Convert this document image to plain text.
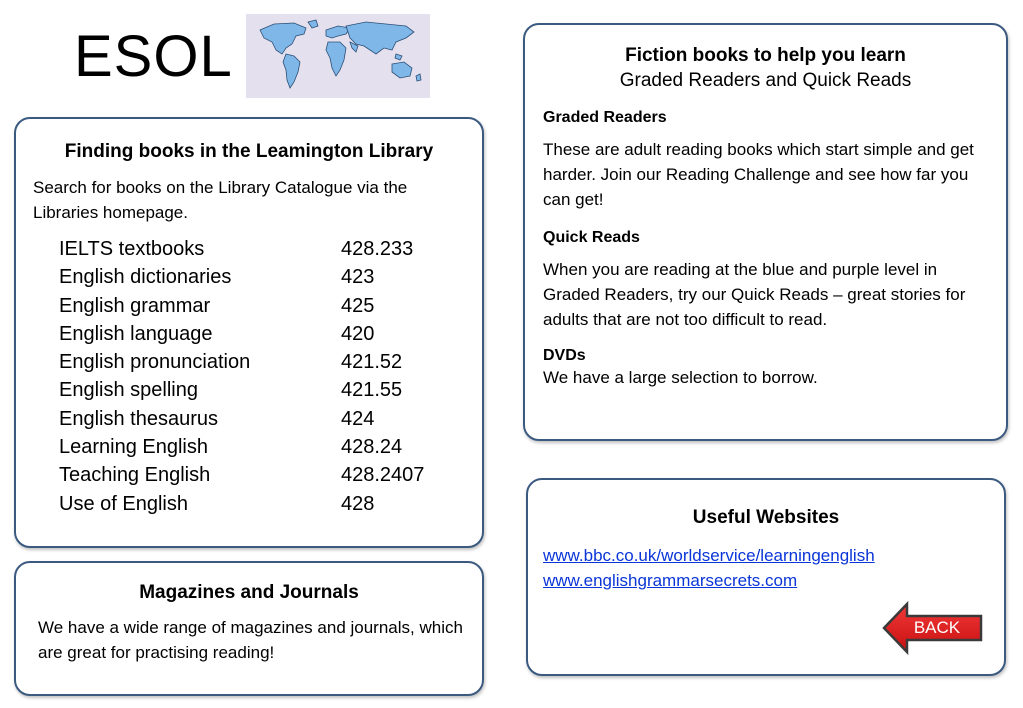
ESOL
Finding books in the Leamington Library
Search for books on the Library Catalogue via the Libraries homepage.
IELTS textbooks	428.233
English dictionaries	423
English grammar	425
English language	420
English pronunciation	421.52
English spelling	421.55
English thesaurus	424
Learning English	428.24
Teaching English	428.2407
Use of English	428
Magazines and Journals
We have a wide range of magazines and journals, which are great for practising reading!
Fiction books to help you learn
Graded Readers and Quick Reads
Graded Readers
These are adult reading books which start simple and get harder. Join our Reading Challenge and see how far you can get!
Quick Reads
When you are reading at the blue and purple level in Graded Readers, try our Quick Reads – great stories for adults that are not too difficult to read.
DVDs
We have a large selection to borrow.
Useful Websites
www.bbc.co.uk/worldservice/learningenglish
www.englishgrammarsecrets.com
BACK
